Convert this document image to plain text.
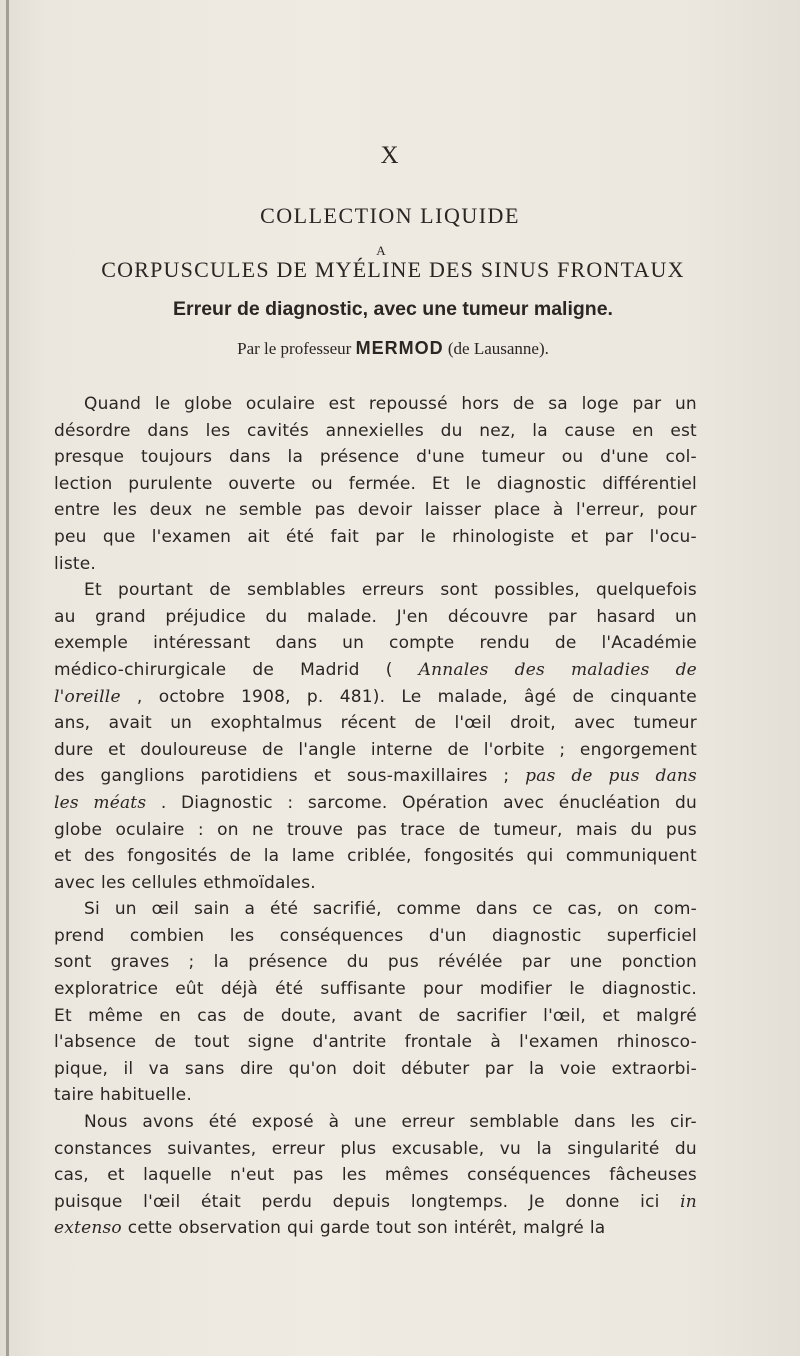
X
COLLECTION LIQUIDE
A
CORPUSCULES DE MYÉLINE DES SINUS FRONTAUX
Erreur de diagnostic, avec une tumeur maligne.
Par le professeur MERMOD (de Lausanne).
Quand le globe oculaire est repoussé hors de sa loge par un
désordre dans les cavités annexielles du nez, la cause en est
presque toujours dans la présence d'une tumeur ou d'une col-
lection purulente ouverte ou fermée. Et le diagnostic différentiel
entre les deux ne semble pas devoir laisser place à l'erreur, pour
peu que l'examen ait été fait par le rhinologiste et par l'ocu-
liste.
Et pourtant de semblables erreurs sont possibles, quelquefois
au grand préjudice du malade. J'en découvre par hasard un
exemple intéressant dans un compte rendu de l'Académie
médico-chirurgicale de Madrid ( Annales des maladies de
l'oreille , octobre 1908, p. 481). Le malade, âgé de cinquante
ans, avait un exophtalmus récent de l'œil droit, avec tumeur
dure et douloureuse de l'angle interne de l'orbite ; engorgement
des ganglions parotidiens et sous-maxillaires ; pas de pus dans
les méats . Diagnostic : sarcome. Opération avec énucléation du
globe oculaire : on ne trouve pas trace de tumeur, mais du pus
et des fongosités de la lame criblée, fongosités qui communiquent
avec les cellules ethmoïdales.
Si un œil sain a été sacrifié, comme dans ce cas, on com-
prend combien les conséquences d'un diagnostic superficiel
sont graves ; la présence du pus révélée par une ponction
exploratrice eût déjà été suffisante pour modifier le diagnostic.
Et même en cas de doute, avant de sacrifier l'œil, et malgré
l'absence de tout signe d'antrite frontale à l'examen rhinosco-
pique, il va sans dire qu'on doit débuter par la voie extraorbi-
taire habituelle.
Nous avons été exposé à une erreur semblable dans les cir-
constances suivantes, erreur plus excusable, vu la singularité du
cas, et laquelle n'eut pas les mêmes conséquences fâcheuses
puisque l'œil était perdu depuis longtemps. Je donne ici in
extenso cette observation qui garde tout son intérêt, malgré la
